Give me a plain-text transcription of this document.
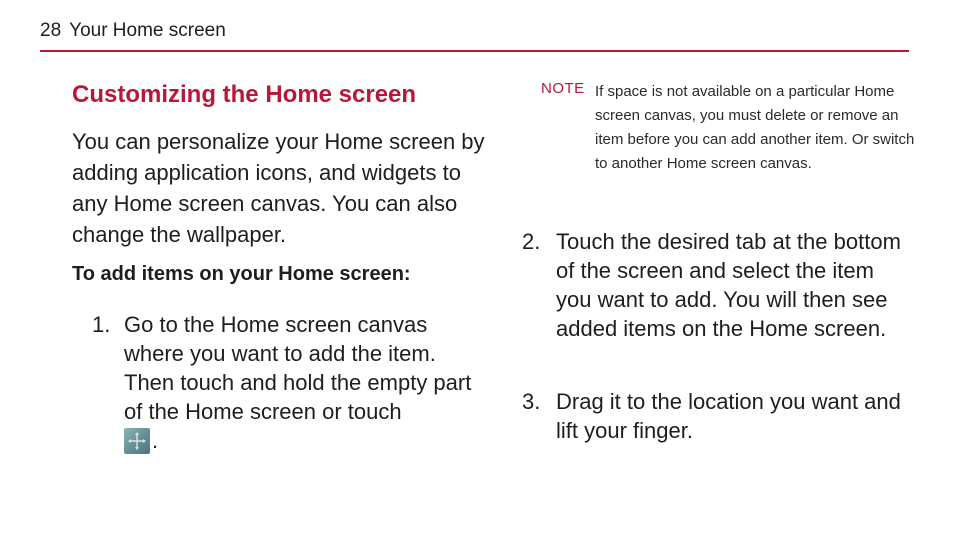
28 Your Home screen
Customizing the Home screen

You can personalize your Home screen by adding application icons, and widgets to any Home screen canvas. You can also change the wallpaper.

To add items on your Home screen:
1. Go to the Home screen canvas where you want to add the item. Then touch and hold the empty part of the Home screen or touch

.
NOTE If space is not available on a particular Home screen canvas, you must delete or remove an item before you can add another item. Or switch to another Home screen canvas.

2. Touch the desired tab at the bottom of the screen and select the item you want to add. You will then see added items on the Home screen.
3. Drag it to the location you want and lift your finger.
